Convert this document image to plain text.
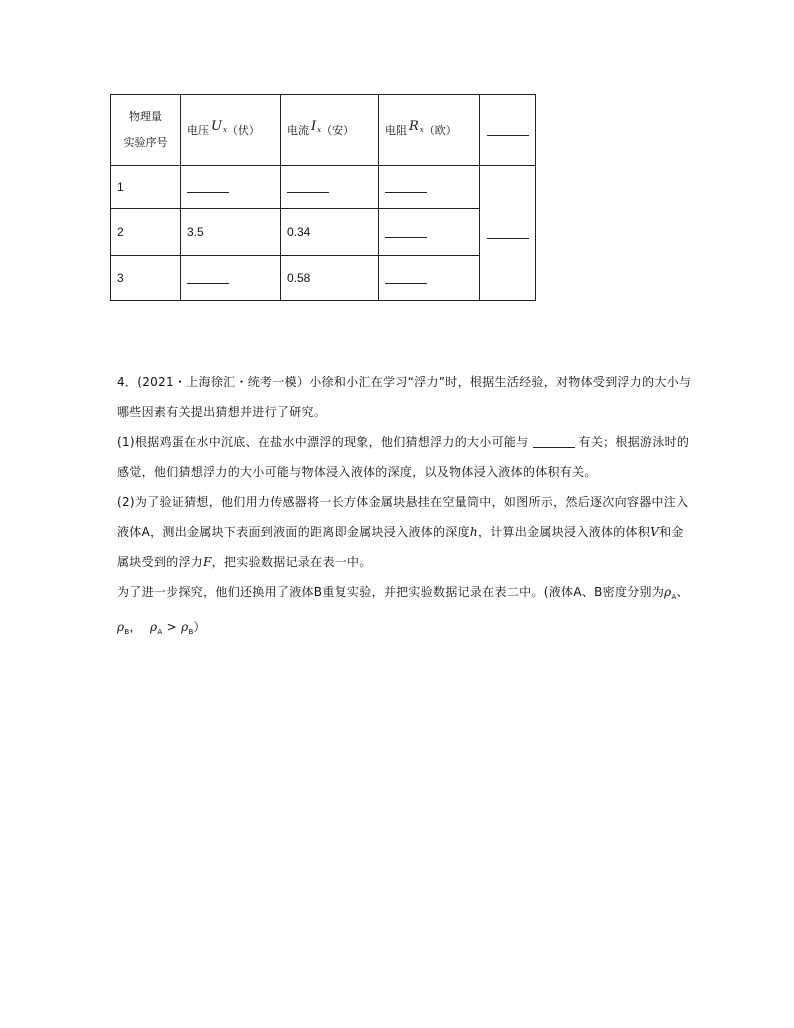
物理量
实验序号	电压 $U_x$（伏）	电流 $I_x$（安）	电阻 $R_x$（欧）	
1				
2	3.5	0.34		
3		0.58		

4．(2021・上海徐汇・统考一模）小徐和小汇在学习“浮力”时，根据生活经验，对物体受到浮力的大小与哪些因素有关提出猜想并进行了研究。

(1)根据鸡蛋在水中沉底、在盐水中漂浮的现象，他们猜想浮力的大小可能与	有关；根据游泳时的感觉，他们猜想浮力的大小可能与物体浸入液体的深度，以及物体浸入液体的体积有关。

(2)为了验证猜想，他们用力传感器将一长方体金属块悬挂在空量筒中，如图所示，然后逐次向容器中注入液体A，测出金属块下表面到液面的距离即金属块浸入液体的深度h，计算出金属块浸入液体的体积V和金属块受到的浮力F，把实验数据记录在表一中。

为了进一步探究，他们还换用了液体B重复实验，并把实验数据记录在表二中。(液体A、B密度分别为$\rho_A$、$\rho_B$， $\rho_A > \rho_B$）
